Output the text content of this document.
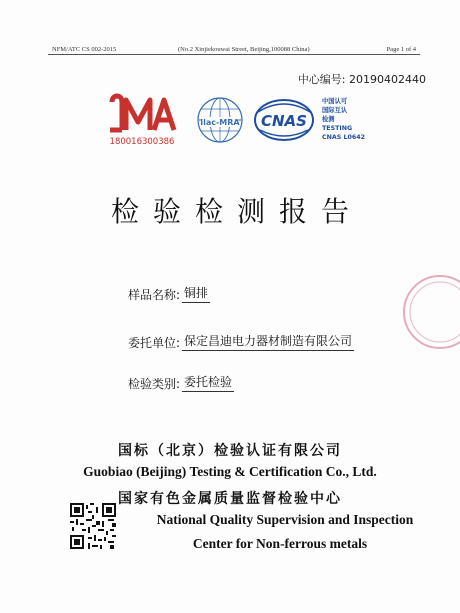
NFM/ATC CS 002-2015	(No.2 Xinjiekouwai Street, Beijing,100088 China)	Page 1 of 4
中心编号: 20190402440
180016300386
ilac-MRA CNAS
中国认可
国际互认
检测
TESTING
CNAS L0642
检验检测报告
样品名称: 铜排
委托单位: 保定昌迪电力器材制造有限公司
检验类别: 委托检验
国标（北京）检验认证有限公司
Guobiao (Beijing) Testing & Certification Co., Ltd.
国家有色金属质量监督检验中心
National Quality Supervision and Inspection
Center for Non-ferrous metals
